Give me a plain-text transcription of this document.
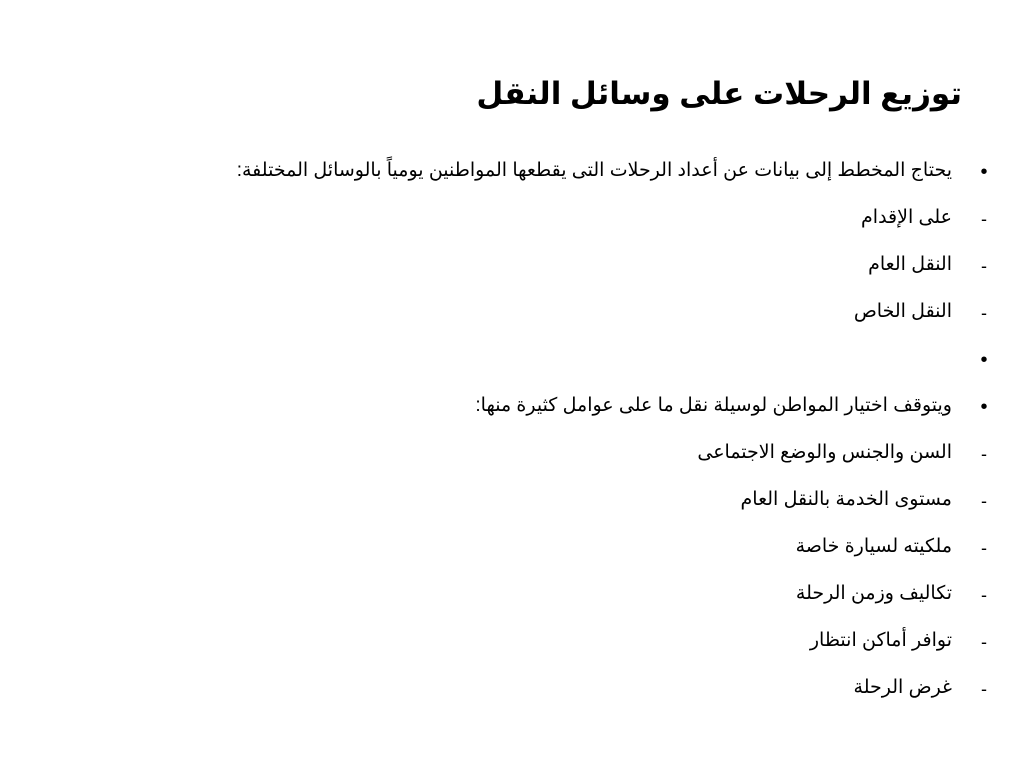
توزيع الرحلات على وسائل النقل
•
يحتاج المخطط إلى بيانات عن أعداد الرحلات التى يقطعها المواطنين يومياً بالوسائل المختلفة:
-
على الإقدام
-
النقل العام
-
النقل الخاص
•
•
ويتوقف اختيار المواطن لوسيلة نقل ما على عوامل كثيرة منها:
-
السن والجنس والوضع الاجتماعى
-
مستوى الخدمة بالنقل العام
-
ملكيته لسيارة خاصة
-
تكاليف وزمن الرحلة
-
توافر أماكن انتظار
-
غرض الرحلة
